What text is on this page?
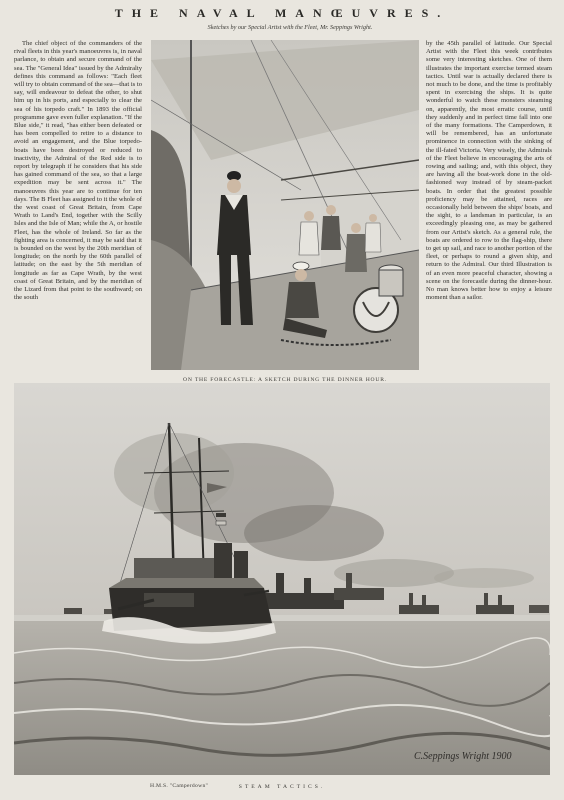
THE NAVAL MANŒUVRES.
Sketches by our Special Artist with the Fleet, Mr. Seppings Wright.

The chief object of the commanders of the rival fleets in this year's manoeuvres is, in naval parlance, to obtain and secure command of the sea. The "General Idea" issued by the Admiralty defines this command as follows: "Each fleet will try to obtain command of the sea—that is to say, will endeavour to defeat the other, to shut him up in his ports, and especially to clear the sea of his torpedo craft." In 1893 the official programme gave even fuller explanation. "If the Blue side," it read, "has either been defeated or has been compelled to retire to a distance to avoid an engagement, and the Blue torpedo-boats have been destroyed or reduced to inactivity, the Admiral of the Red side is to report by telegraph if he considers that his side has gained command of the sea, so that a large expedition may be sent across it." The manoeuvres this year are to continue for ten days. The B Fleet has assigned to it the whole of the west coast of Great Britain, from Cape Wrath to Land's End, together with the Scilly Isles and the Isle of Man; while the A, or hostile Fleet, has the whole of Ireland. So far as the fighting area is concerned, it may be said that it is bounded on the west by the 20th meridian of longitude; on the north by the 60th parallel of latitude; on the east by the 5th meridian of longitude as far as Cape Wrath, by the west coast of Great Britain, and by the meridian of the Lizard from that point to the southward; on the south

by the 45th parallel of latitude. Our Special Artist with the Fleet this week contributes some very interesting sketches. One of them illustrates the important exercise termed steam tactics. Until war is actually declared there is not much to be done, and the time is profitably spent in exercising the ships. It is quite wonderful to watch these monsters steaming on, apparently, the most erratic course, until they suddenly and in perfect time fall into one of the many formations. The Camperdown, it will be remembered, has an unfortunate prominence in connection with the sinking of the ill-fated Victoria. Very wisely, the Admirals of the Fleet believe in encouraging the arts of rowing and sailing; and, with this object, they are having all the boat-work done in the old-fashioned way instead of by steam-packet boats. In order that the greatest possible proficiency may be attained, races are occasionally held between the ships' boats, and the sight, to a landsman in particular, is an exceedingly pleasing one, as may be gathered from our Artist's sketch. As a general rule, the boats are ordered to row to the flag-ship, there to get up sail, and race to another portion of the fleet, or perhaps to round a given ship, and return to the Admiral. Our third Illustration is of an even more peaceful character, showing a scene on the forecastle during the dinner-hour. No man knows better how to enjoy a leisure moment than a sailor.

ON THE FORECASTLE: A SKETCH DURING THE DINNER HOUR.
C.Seppings Wright 1900
H.M.S. "Camperdown"	STEAM TACTICS.
